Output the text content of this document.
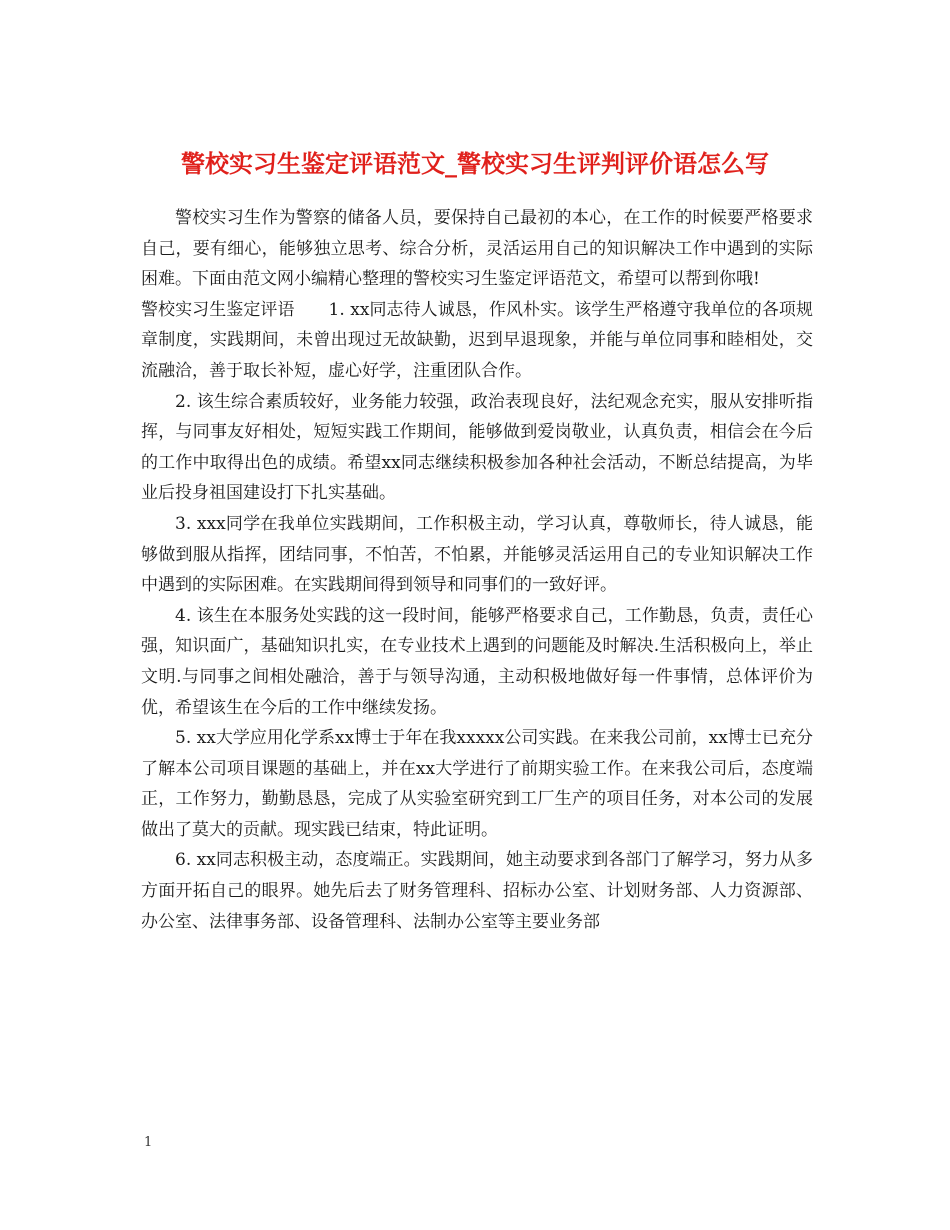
警校实习生鉴定评语范文_警校实习生评判评价语怎么写

警校实习生作为警察的储备人员，要保持自己最初的本心，在工作的时候要严格要求自己，要有细心，能够独立思考、综合分析，灵活运用自己的知识解决工作中遇到的实际困难。下面由范文网小编精心整理的警校实习生鉴定评语范文，希望可以帮到你哦!

警校实习生鉴定评语   1. xx同志待人诚恳，作风朴实。该学生严格遵守我单位的各项规章制度，实践期间，未曾出现过无故缺勤，迟到早退现象，并能与单位同事和睦相处，交流融洽，善于取长补短，虚心好学，注重团队合作。

2. 该生综合素质较好，业务能力较强，政治表现良好，法纪观念充实，服从安排听指挥，与同事友好相处，短短实践工作期间，能够做到爱岗敬业，认真负责，相信会在今后的工作中取得出色的成绩。希望xx同志继续积极参加各种社会活动，不断总结提高，为毕业后投身祖国建设打下扎实基础。

3. xxx同学在我单位实践期间，工作积极主动，学习认真，尊敬师长，待人诚恳，能够做到服从指挥，团结同事，不怕苦，不怕累，并能够灵活运用自己的专业知识解决工作中遇到的实际困难。在实践期间得到领导和同事们的一致好评。

4. 该生在本服务处实践的这一段时间，能够严格要求自己，工作勤恳，负责，责任心强，知识面广，基础知识扎实，在专业技术上遇到的问题能及时解决.生活积极向上，举止文明.与同事之间相处融洽，善于与领导沟通，主动积极地做好每一件事情，总体评价为优，希望该生在今后的工作中继续发扬。

5. xx大学应用化学系xx博士于年在我xxxxx公司实践。在来我公司前，xx博士已充分了解本公司项目课题的基础上，并在xx大学进行了前期实验工作。在来我公司后，态度端正，工作努力，勤勤恳恳，完成了从实验室研究到工厂生产的项目任务，对本公司的发展做出了莫大的贡献。现实践已结束，特此证明。

6. xx同志积极主动，态度端正。实践期间，她主动要求到各部门了解学习，努力从多方面开拓自己的眼界。她先后去了财务管理科、招标办公室、计划财务部、人力资源部、办公室、法律事务部、设备管理科、法制办公室等主要业务部

1
